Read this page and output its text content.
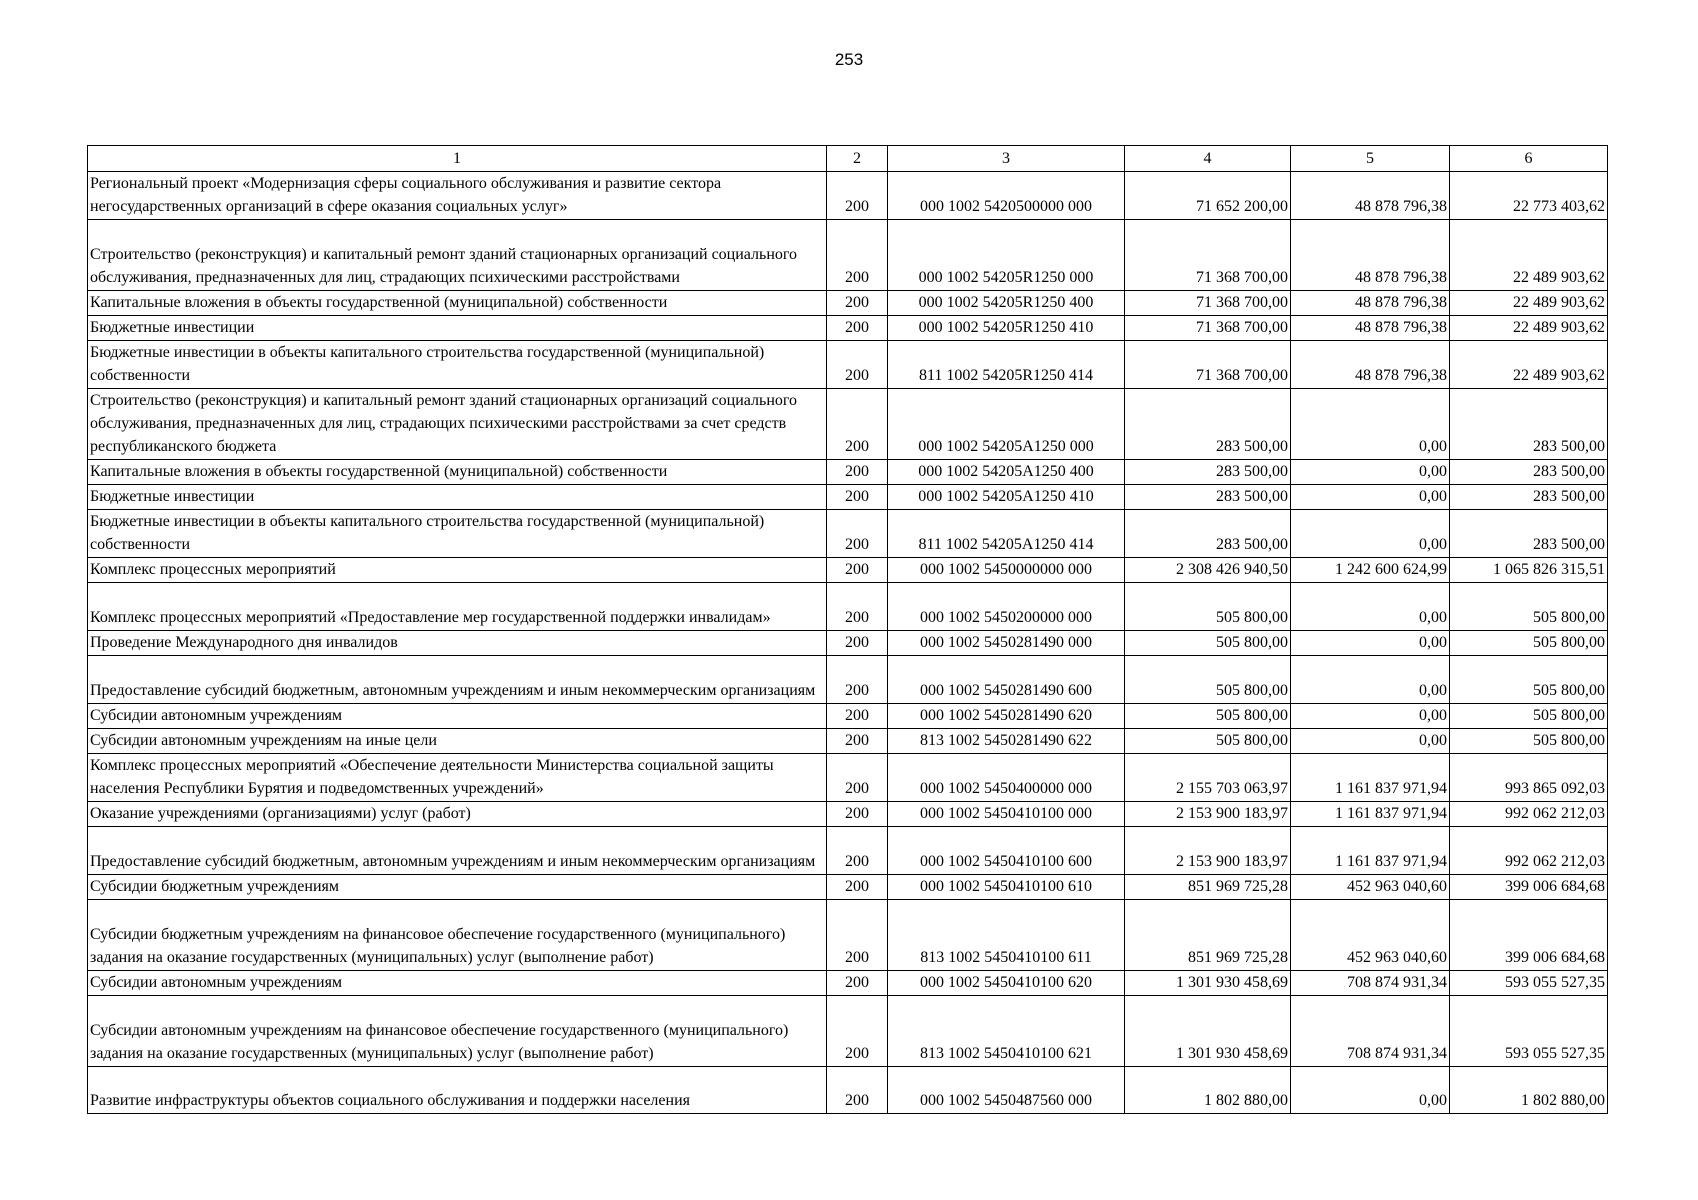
253
1	2	3	4	5	6
Региональный проект «Модернизация сферы социального обслуживания и развитие сектора негосударственных организаций в сфере оказания социальных услуг»	200	000 1002 5420500000 000	71 652 200,00	48 878 796,38	22 773 403,62
Строительство (реконструкция) и капитальный ремонт зданий стационарных организаций социального обслуживания, предназначенных для лиц, страдающих психическими расстройствами	200	000 1002 54205R1250 000	71 368 700,00	48 878 796,38	22 489 903,62
Капитальные вложения в объекты государственной (муниципальной) собственности	200	000 1002 54205R1250 400	71 368 700,00	48 878 796,38	22 489 903,62
Бюджетные инвестиции	200	000 1002 54205R1250 410	71 368 700,00	48 878 796,38	22 489 903,62
Бюджетные инвестиции в объекты капитального строительства государственной (муниципальной) собственности	200	811 1002 54205R1250 414	71 368 700,00	48 878 796,38	22 489 903,62
Строительство (реконструкция) и капитальный ремонт зданий стационарных организаций социального обслуживания, предназначенных для лиц, страдающих психическими расстройствами за счет средств республиканского бюджета	200	000 1002 54205A1250 000	283 500,00	0,00	283 500,00
Капитальные вложения в объекты государственной (муниципальной) собственности	200	000 1002 54205A1250 400	283 500,00	0,00	283 500,00
Бюджетные инвестиции	200	000 1002 54205A1250 410	283 500,00	0,00	283 500,00
Бюджетные инвестиции в объекты капитального строительства государственной (муниципальной) собственности	200	811 1002 54205A1250 414	283 500,00	0,00	283 500,00
Комплекс процессных мероприятий	200	000 1002 5450000000 000	2 308 426 940,50	1 242 600 624,99	1 065 826 315,51
Комплекс процессных мероприятий «Предоставление мер государственной поддержки инвалидам»	200	000 1002 5450200000 000	505 800,00	0,00	505 800,00
Проведение Международного дня инвалидов	200	000 1002 5450281490 000	505 800,00	0,00	505 800,00
Предоставление субсидий бюджетным, автономным учреждениям и иным некоммерческим организациям	200	000 1002 5450281490 600	505 800,00	0,00	505 800,00
Субсидии автономным учреждениям	200	000 1002 5450281490 620	505 800,00	0,00	505 800,00
Субсидии автономным учреждениям на иные цели	200	813 1002 5450281490 622	505 800,00	0,00	505 800,00
Комплекс процессных мероприятий «Обеспечение деятельности Министерства социальной защиты населения Республики Бурятия и подведомственных учреждений»	200	000 1002 5450400000 000	2 155 703 063,97	1 161 837 971,94	993 865 092,03
Оказание учреждениями (организациями) услуг (работ)	200	000 1002 5450410100 000	2 153 900 183,97	1 161 837 971,94	992 062 212,03
Предоставление субсидий бюджетным, автономным учреждениям и иным некоммерческим организациям	200	000 1002 5450410100 600	2 153 900 183,97	1 161 837 971,94	992 062 212,03
Субсидии бюджетным учреждениям	200	000 1002 5450410100 610	851 969 725,28	452 963 040,60	399 006 684,68
Субсидии бюджетным учреждениям на финансовое обеспечение государственного (муниципального) задания на оказание государственных (муниципальных) услуг (выполнение работ)	200	813 1002 5450410100 611	851 969 725,28	452 963 040,60	399 006 684,68
Субсидии автономным учреждениям	200	000 1002 5450410100 620	1 301 930 458,69	708 874 931,34	593 055 527,35
Субсидии автономным учреждениям на финансовое обеспечение государственного (муниципального) задания на оказание государственных (муниципальных) услуг (выполнение работ)	200	813 1002 5450410100 621	1 301 930 458,69	708 874 931,34	593 055 527,35
Развитие инфраструктуры объектов социального обслуживания и поддержки населения	200	000 1002 5450487560 000	1 802 880,00	0,00	1 802 880,00
